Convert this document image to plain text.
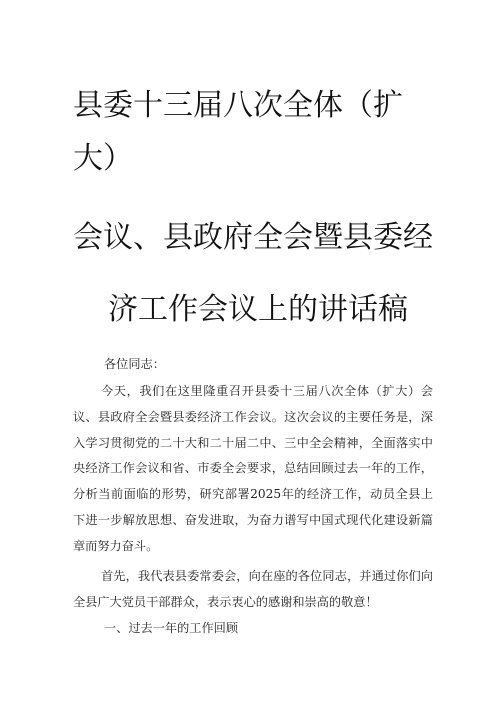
县委十三届八次全体（扩
大）
会议、县政府全会暨县委经
济工作会议上的讲话稿
各位同志：
今天，我们在这里隆重召开县委十三届八次全体（扩大）会议、县政府全会暨县委经济工作会议。这次会议的主要任务是，深入学习贯彻党的二十大和二十届二中、三中全会精神，全面落实中央经济工作会议和省、市委全会要求，总结回顾过去一年的工作，分析当前面临的形势，研究部署2025年的经济工作，动员全县上下进一步解放思想、奋发进取，为奋力谱写中国式现代化建设新篇章而努力奋斗。
首先，我代表县委常委会，向在座的各位同志，并通过你们向全县广大党员干部群众，表示衷心的感谢和崇高的敬意！
一、过去一年的工作回顾
